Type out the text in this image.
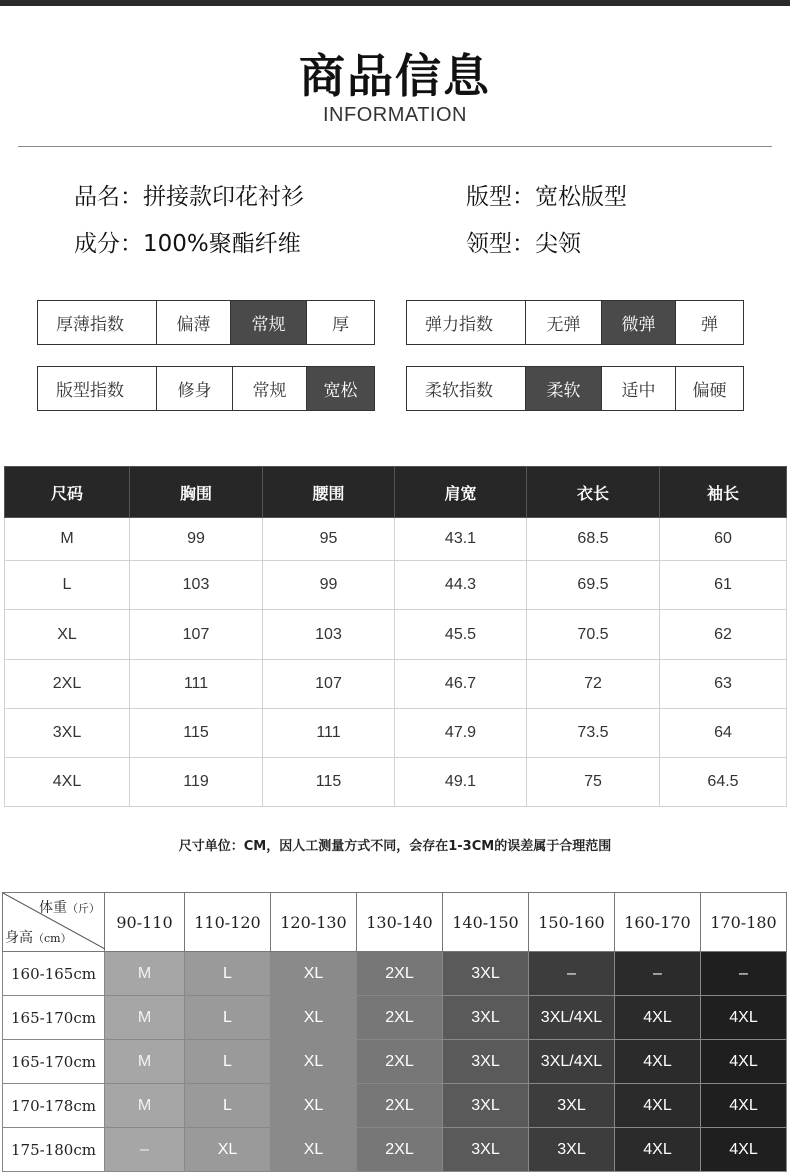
商品信息
INFORMATION
品名：拼接款印花衬衫	版型：宽松版型
成分：100%聚酯纤维	领型：尖领
厚薄指数	偏薄	常规	厚	弹力指数	无弹	微弹	弹
版型指数	修身	常规	宽松	柔软指数	柔软	适中	偏硬
尺码	胸围	腰围	肩宽	衣长	袖长
M	99	95	43.1	68.5	60
L	103	99	44.3	69.5	61
XL	107	103	45.5	70.5	62
2XL	111	107	46.7	72	63
3XL	115	111	47.9	73.5	64
4XL	119	115	49.1	75	64.5
尺寸单位：CM，因人工测量方式不同，会存在1-3CM的误差属于合理范围
体重（斤）
身高（cm）	90-110	110-120	120-130	130-140	140-150	150-160	160-170	170-180
160-165cm	M	L	XL	2XL	3XL	–	–	–
165-170cm	M	L	XL	2XL	3XL	3XL/4XL	4XL	4XL
165-170cm	M	L	XL	2XL	3XL	3XL/4XL	4XL	4XL
170-178cm	M	L	XL	2XL	3XL	3XL	4XL	4XL
175-180cm	–	XL	XL	2XL	3XL	3XL	4XL	4XL
